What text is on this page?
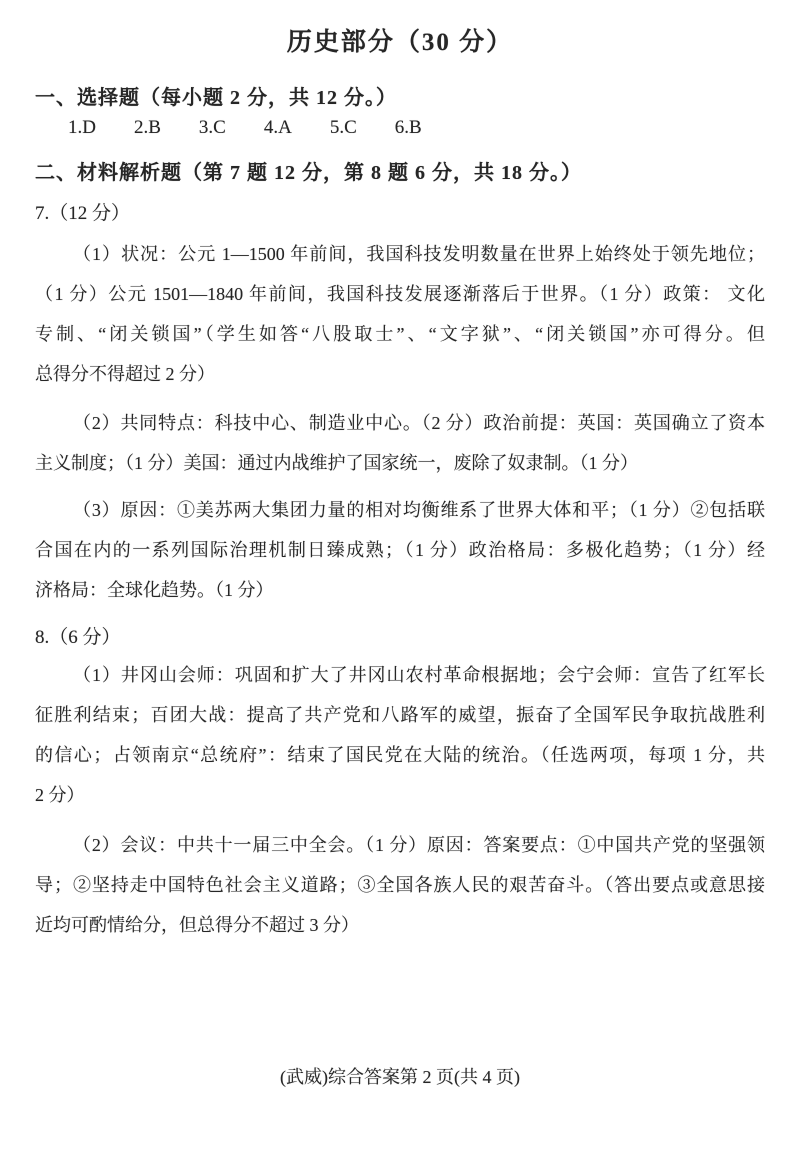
历史部分（30 分）
一、选择题（每小题 2 分，共 12 分。）
1.D 2.B 3.C 4.A 5.C 6.B
二、材料解析题（第 7 题 12 分，第 8 题 6 分，共 18 分。）
7.（12 分）
（1）状况：公元 1—1500 年前间，我国科技发明数量在世界上始终处于领先地位；
（1 分）公元 1501—1840 年前间，我国科技发展逐渐落后于世界。（1 分）政策： 文化
专制、“闭关锁国”（学生如答“八股取士”、“文字狱”、“闭关锁国”亦可得分。但
总得分不得超过 2 分）
（2）共同特点：科技中心、制造业中心。（2 分）政治前提：英国：英国确立了资本
主义制度；（1 分）美国：通过内战维护了国家统一，废除了奴隶制。（1 分）
（3）原因：①美苏两大集团力量的相对均衡维系了世界大体和平；（1 分）②包括联
合国在内的一系列国际治理机制日臻成熟；（1 分）政治格局：多极化趋势；（1 分）经
济格局：全球化趋势。（1 分）
8.（6 分）
（1）井冈山会师：巩固和扩大了井冈山农村革命根据地；会宁会师：宣告了红军长
征胜利结束；百团大战：提高了共产党和八路军的威望，振奋了全国军民争取抗战胜利
的信心；占领南京“总统府”：结束了国民党在大陆的统治。（任选两项，每项 1 分，共
2 分）
（2）会议：中共十一届三中全会。（1 分）原因：答案要点：①中国共产党的坚强领
导；②坚持走中国特色社会主义道路；③全国各族人民的艰苦奋斗。（答出要点或意思接
近均可酌情给分，但总得分不超过 3 分）
(武威)综合答案第 2 页(共 4 页)
